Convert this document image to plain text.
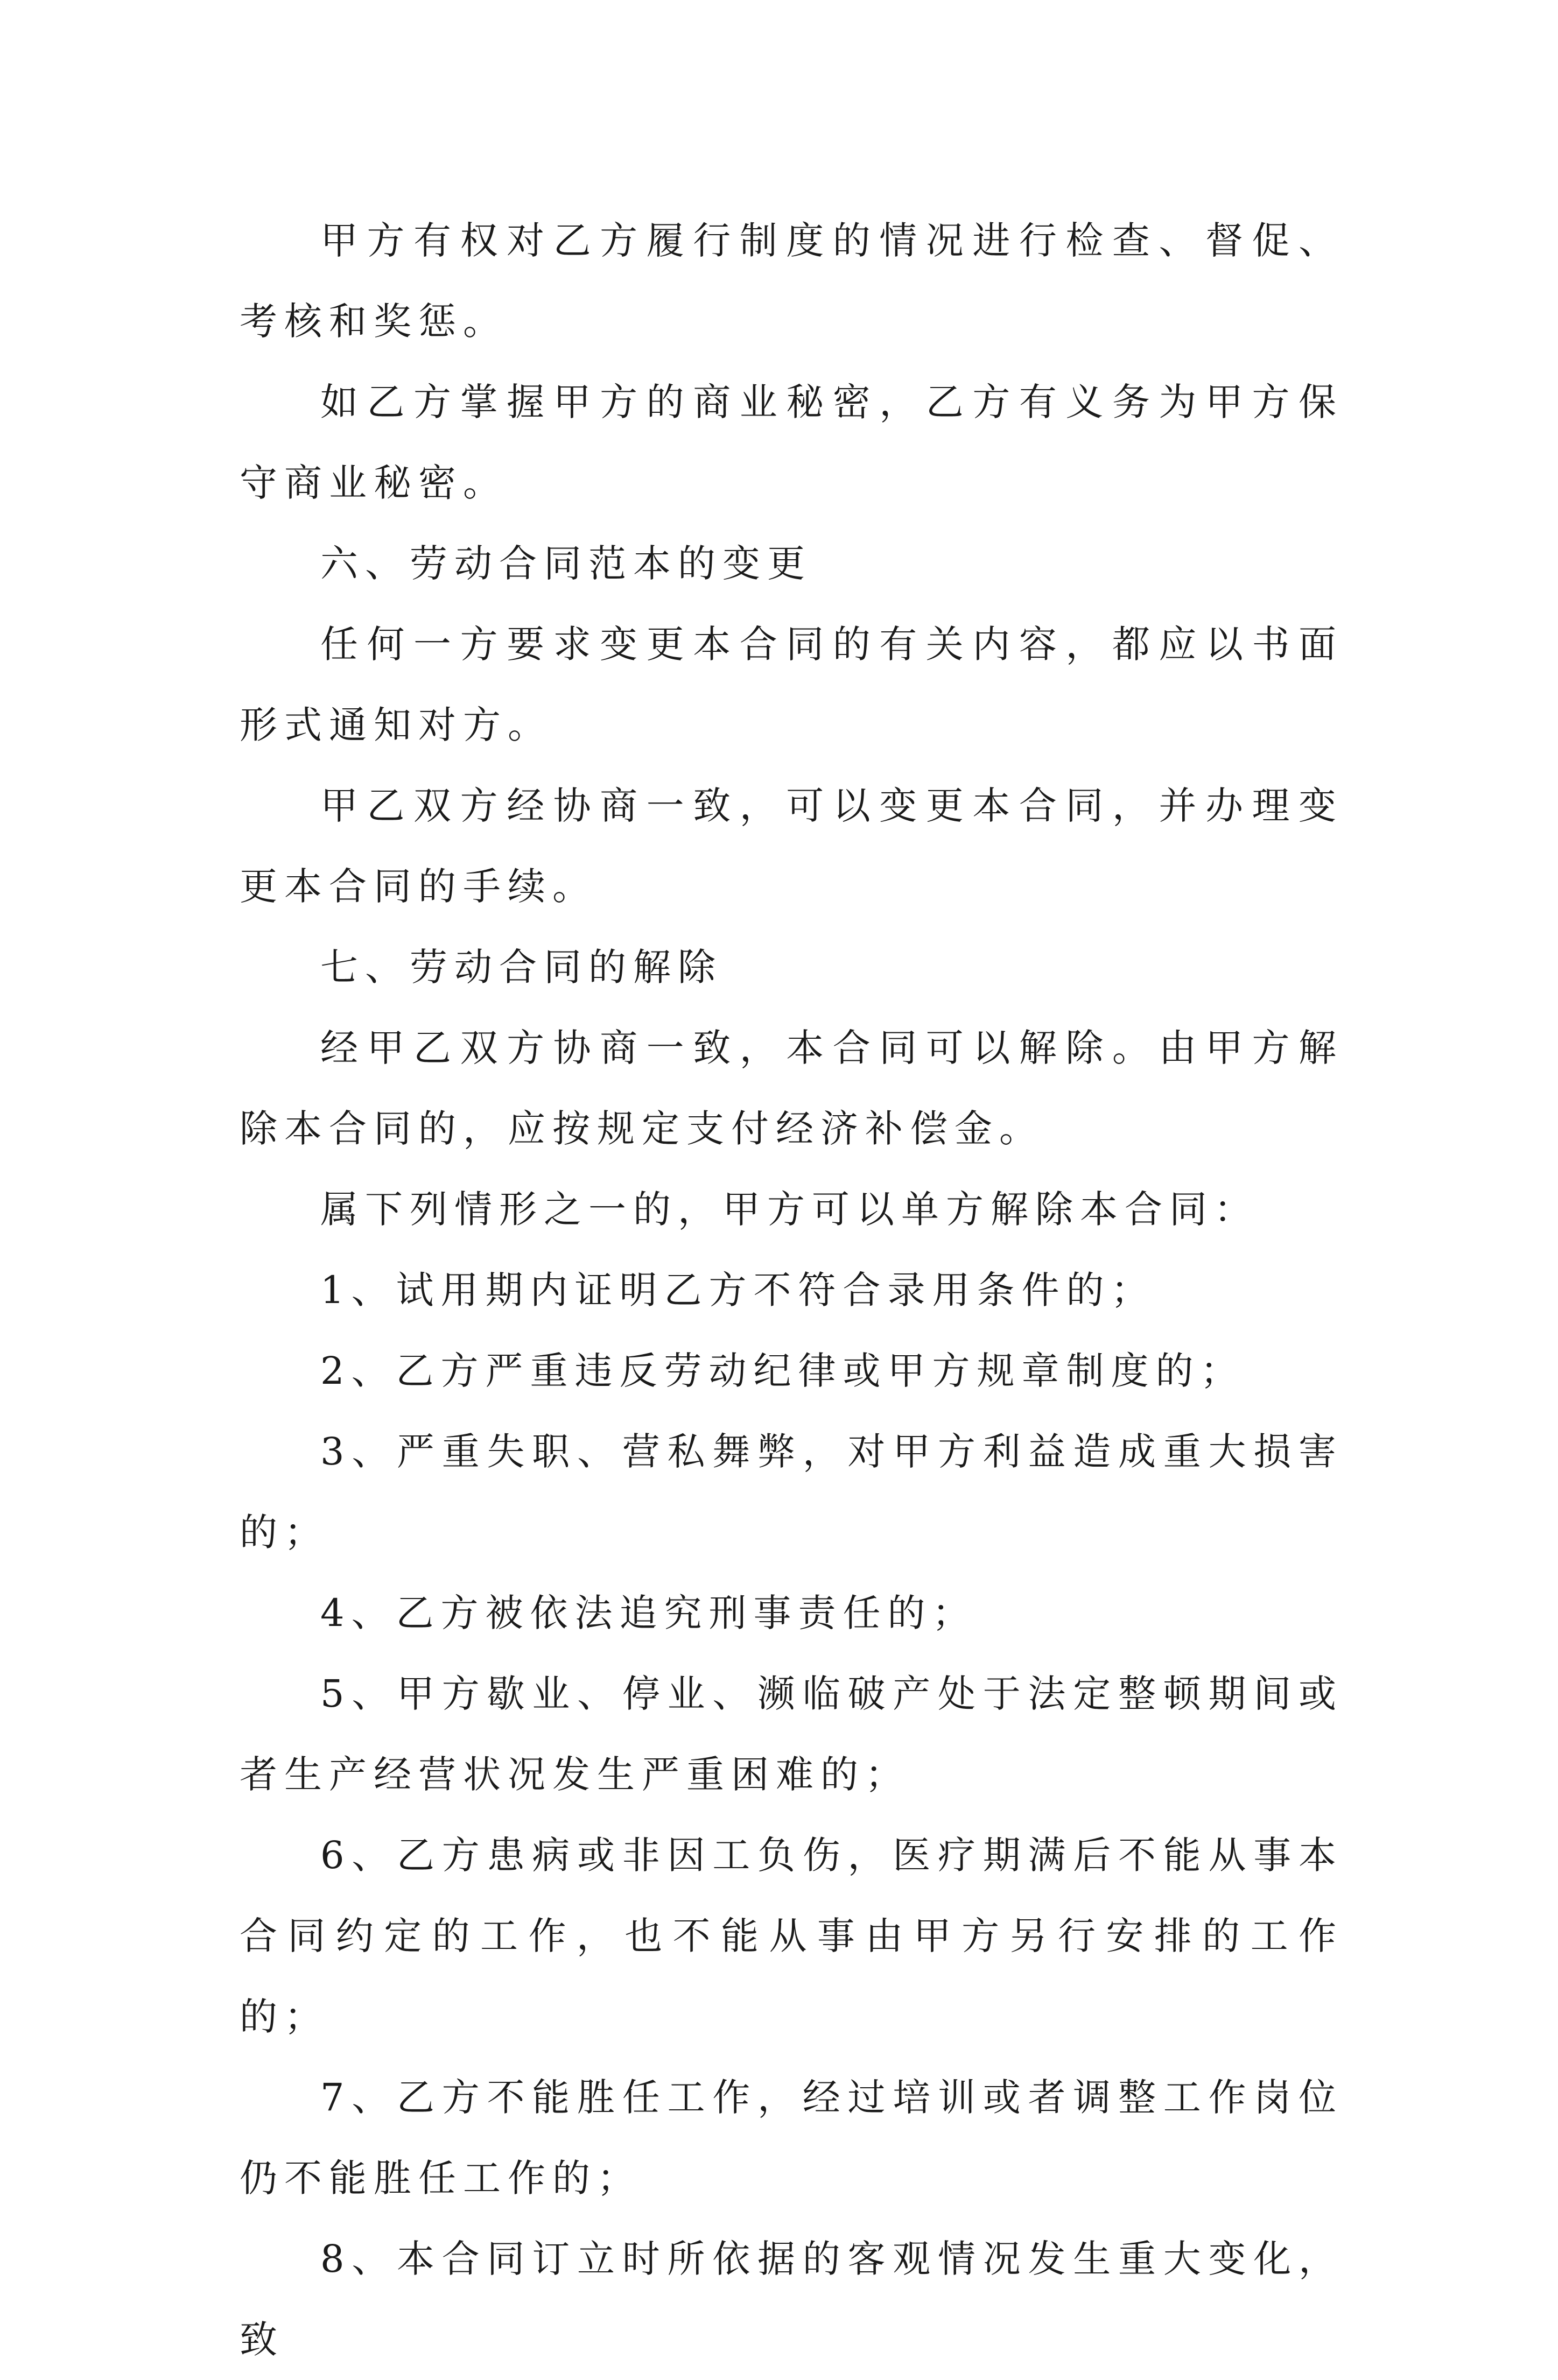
甲方有权对乙方履行制度的情况进行检查、督促、考核和奖惩。

如乙方掌握甲方的商业秘密，乙方有义务为甲方保守商业秘密。

六、劳动合同范本的变更

任何一方要求变更本合同的有关内容，都应以书面形式通知对方。

甲乙双方经协商一致，可以变更本合同，并办理变更本合同的手续。

七、劳动合同的解除

经甲乙双方协商一致，本合同可以解除。由甲方解除本合同的，应按规定支付经济补偿金。

属下列情形之一的，甲方可以单方解除本合同：

1、试用期内证明乙方不符合录用条件的；

2、乙方严重违反劳动纪律或甲方规章制度的；

3、严重失职、营私舞弊，对甲方利益造成重大损害的；

4、乙方被依法追究刑事责任的；

5、甲方歇业、停业、濒临破产处于法定整顿期间或者生产经营状况发生严重困难的；

6、乙方患病或非因工负伤，医疗期满后不能从事本合同约定的工作，也不能从事由甲方另行安排的工作的；

7、乙方不能胜任工作，经过培训或者调整工作岗位仍不能胜任工作的；

8、本合同订立时所依据的客观情况发生重大变化，致
